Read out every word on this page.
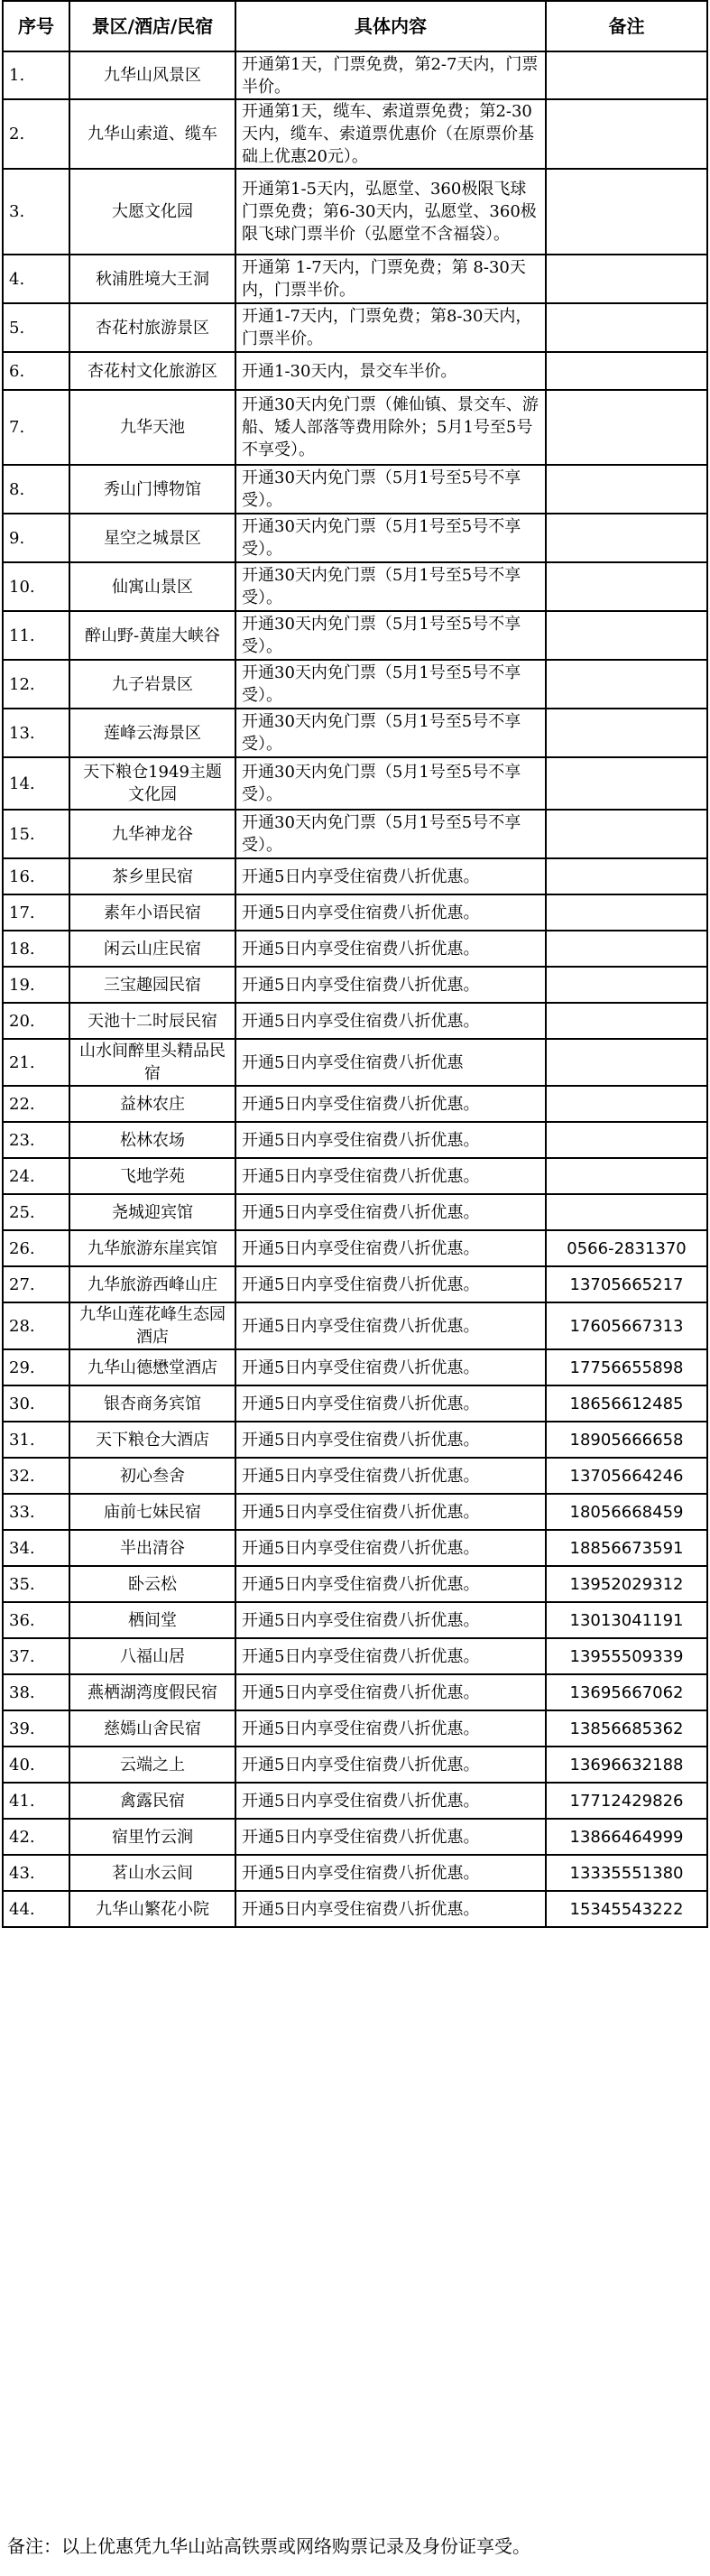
序号	景区/酒店/民宿	具体内容	备注
1.	九华山风景区	开通第1天，门票免费，第2-7天内，门票半价。	
2.	九华山索道、缆车	开通第1天，缆车、索道票免费；第2-30天内，缆车、索道票优惠价（在原票价基础上优惠20元）。	
3.	大愿文化园	开通第1-5天内，弘愿堂、360极限飞球门票免费；第6-30天内，弘愿堂、360极限飞球门票半价（弘愿堂不含福袋）。	
4.	秋浦胜境大王洞	开通第 1-7天内，门票免费；第 8-30天内，门票半价。	
5.	杏花村旅游景区	开通1-7天内，门票免费；第8-30天内，门票半价。	
6.	杏花村文化旅游区	开通1-30天内，景交车半价。	
7.	九华天池	开通30天内免门票（傩仙镇、景交车、游船、矮人部落等费用除外；5月1号至5号不享受）。	
8.	秀山门博物馆	开通30天内免门票（5月1号至5号不享受）。	
9.	星空之城景区	开通30天内免门票（5月1号至5号不享受）。	
10.	仙寓山景区	开通30天内免门票（5月1号至5号不享受）。	
11.	醉山野-黄崖大峡谷	开通30天内免门票（5月1号至5号不享受）。	
12.	九子岩景区	开通30天内免门票（5月1号至5号不享受）。	
13.	莲峰云海景区	开通30天内免门票（5月1号至5号不享受）。	
14.	天下粮仓1949主题文化园	开通30天内免门票（5月1号至5号不享受）。	
15.	九华神龙谷	开通30天内免门票（5月1号至5号不享受）。	
16.	茶乡里民宿	开通5日内享受住宿费八折优惠。	
17.	素年小语民宿	开通5日内享受住宿费八折优惠。	
18.	闲云山庄民宿	开通5日内享受住宿费八折优惠。	
19.	三宝趣园民宿	开通5日内享受住宿费八折优惠。	
20.	天池十二时辰民宿	开通5日内享受住宿费八折优惠。	
21.	山水间醉里头精品民宿	开通5日内享受住宿费八折优惠	
22.	益林农庄	开通5日内享受住宿费八折优惠。	
23.	松林农场	开通5日内享受住宿费八折优惠。	
24.	飞地学苑	开通5日内享受住宿费八折优惠。	
25.	尧城迎宾馆	开通5日内享受住宿费八折优惠。	
26.	九华旅游东崖宾馆	开通5日内享受住宿费八折优惠。	0566-2831370
27.	九华旅游西峰山庄	开通5日内享受住宿费八折优惠。	13705665217
28.	九华山莲花峰生态园酒店	开通5日内享受住宿费八折优惠。	17605667313
29.	九华山德懋堂酒店	开通5日内享受住宿费八折优惠。	17756655898
30.	银杏商务宾馆	开通5日内享受住宿费八折优惠。	18656612485
31.	天下粮仓大酒店	开通5日内享受住宿费八折优惠。	18905666658
32.	初心叁舍	开通5日内享受住宿费八折优惠。	13705664246
33.	庙前七妹民宿	开通5日内享受住宿费八折优惠。	18056668459
34.	半出清谷	开通5日内享受住宿费八折优惠。	18856673591
35.	卧云松	开通5日内享受住宿费八折优惠。	13952029312
36.	栖间堂	开通5日内享受住宿费八折优惠。	13013041191
37.	八福山居	开通5日内享受住宿费八折优惠。	13955509339
38.	燕栖湖湾度假民宿	开通5日内享受住宿费八折优惠。	13695667062
39.	慈嫣山舍民宿	开通5日内享受住宿费八折优惠。	13856685362
40.	云端之上	开通5日内享受住宿费八折优惠。	13696632188
41.	禽露民宿	开通5日内享受住宿费八折优惠。	17712429826
42.	宿里竹云涧	开通5日内享受住宿费八折优惠。	13866464999
43.	茗山水云间	开通5日内享受住宿费八折优惠。	13335551380
44.	九华山繁花小院	开通5日内享受住宿费八折优惠。	15345543222
备注：以上优惠凭九华山站高铁票或网络购票记录及身份证享受。
